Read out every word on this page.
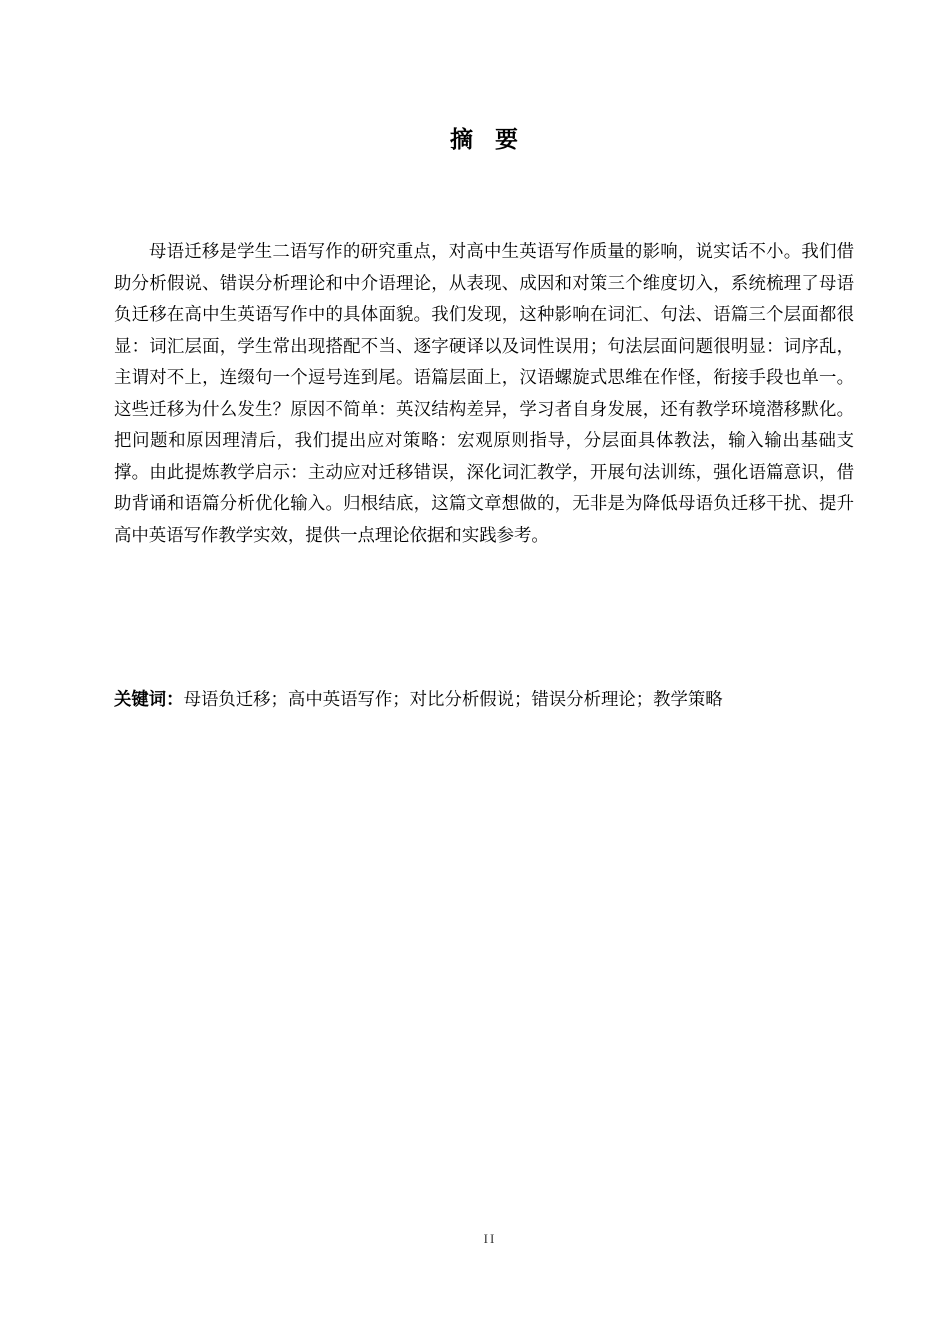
摘要

母语迁移是学生二语写作的研究重点，对高中生英语写作质量的影响，说实话不小。我们借助分析假说、错误分析理论和中介语理论，从表现、成因和对策三个维度切入，系统梳理了母语负迁移在高中生英语写作中的具体面貌。我们发现，这种影响在词汇、句法、语篇三个层面都很显：词汇层面，学生常出现搭配不当、逐字硬译以及词性误用；句法层面问题很明显：词序乱，主谓对不上，连缀句一个逗号连到尾。语篇层面上，汉语螺旋式思维在作怪，衔接手段也单一。这些迁移为什么发生？原因不简单：英汉结构差异，学习者自身发展，还有教学环境潜移默化。把问题和原因理清后，我们提出应对策略：宏观原则指导，分层面具体教法，输入输出基础支撑。由此提炼教学启示：主动应对迁移错误，深化词汇教学，开展句法训练，强化语篇意识，借助背诵和语篇分析优化输入。归根结底，这篇文章想做的，无非是为降低母语负迁移干扰、提升高中英语写作教学实效，提供一点理论依据和实践参考。

关键词：母语负迁移；高中英语写作；对比分析假说；错误分析理论；教学策略
II
